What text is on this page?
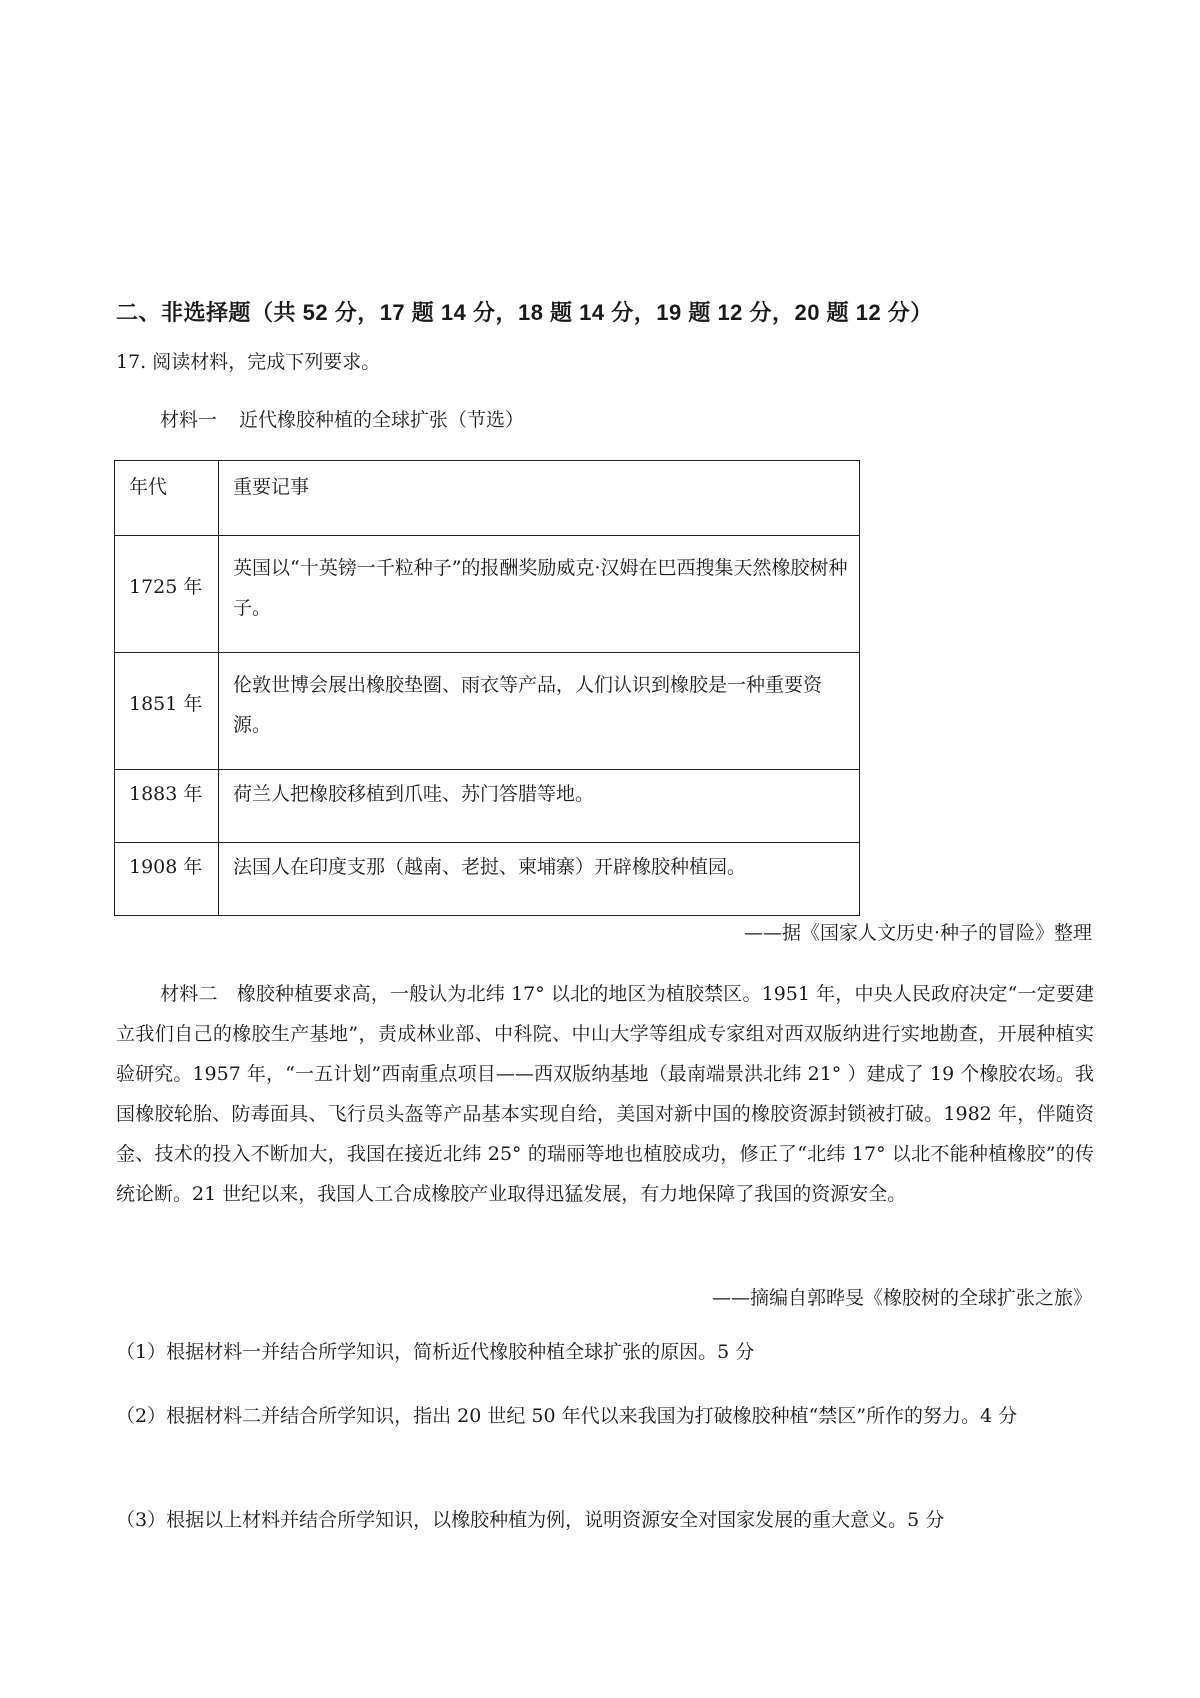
二、非选择题（共 52 分，17 题 14 分，18 题 14 分，19 题 12 分，20 题 12 分）
17. 阅读材料，完成下列要求。
材料一 近代橡胶种植的全球扩张（节选）
年代	重要记事
1725 年	英国以“十英镑一千粒种子”的报酬奖励威克·汉姆在巴西搜集天然橡胶树种子。
1851 年	伦敦世博会展出橡胶垫圈、雨衣等产品，人们认识到橡胶是一种重要资源。
1883 年	荷兰人把橡胶移植到爪哇、苏门答腊等地。
1908 年	法国人在印度支那（越南、老挝、柬埔寨）开辟橡胶种植园。
——据《国家人文历史·种子的冒险》整理
材料二　橡胶种植要求高，一般认为北纬 17° 以北的地区为植胶禁区。1951 年，中央人民政府决定“一定要建立我们自己的橡胶生产基地”，责成林业部、中科院、中山大学等组成专家组对西双版纳进行实地勘查，开展种植实验研究。1957 年，“一五计划”西南重点项目——西双版纳基地（最南端景洪北纬 21° ）建成了 19 个橡胶农场。我国橡胶轮胎、防毒面具、飞行员头盔等产品基本实现自给，美国对新中国的橡胶资源封锁被打破。1982 年，伴随资金、技术的投入不断加大，我国在接近北纬 25° 的瑞丽等地也植胶成功，修正了“北纬 17° 以北不能种植橡胶”的传统论断。21 世纪以来，我国人工合成橡胶产业取得迅猛发展，有力地保障了我国的资源安全。
——摘编自郭晔旻《橡胶树的全球扩张之旅》
（1）根据材料一并结合所学知识，简析近代橡胶种植全球扩张的原因。5 分
（2）根据材料二并结合所学知识，指出 20 世纪 50 年代以来我国为打破橡胶种植“禁区”所作的努力。4 分
（3）根据以上材料并结合所学知识，以橡胶种植为例，说明资源安全对国家发展的重大意义。5 分
